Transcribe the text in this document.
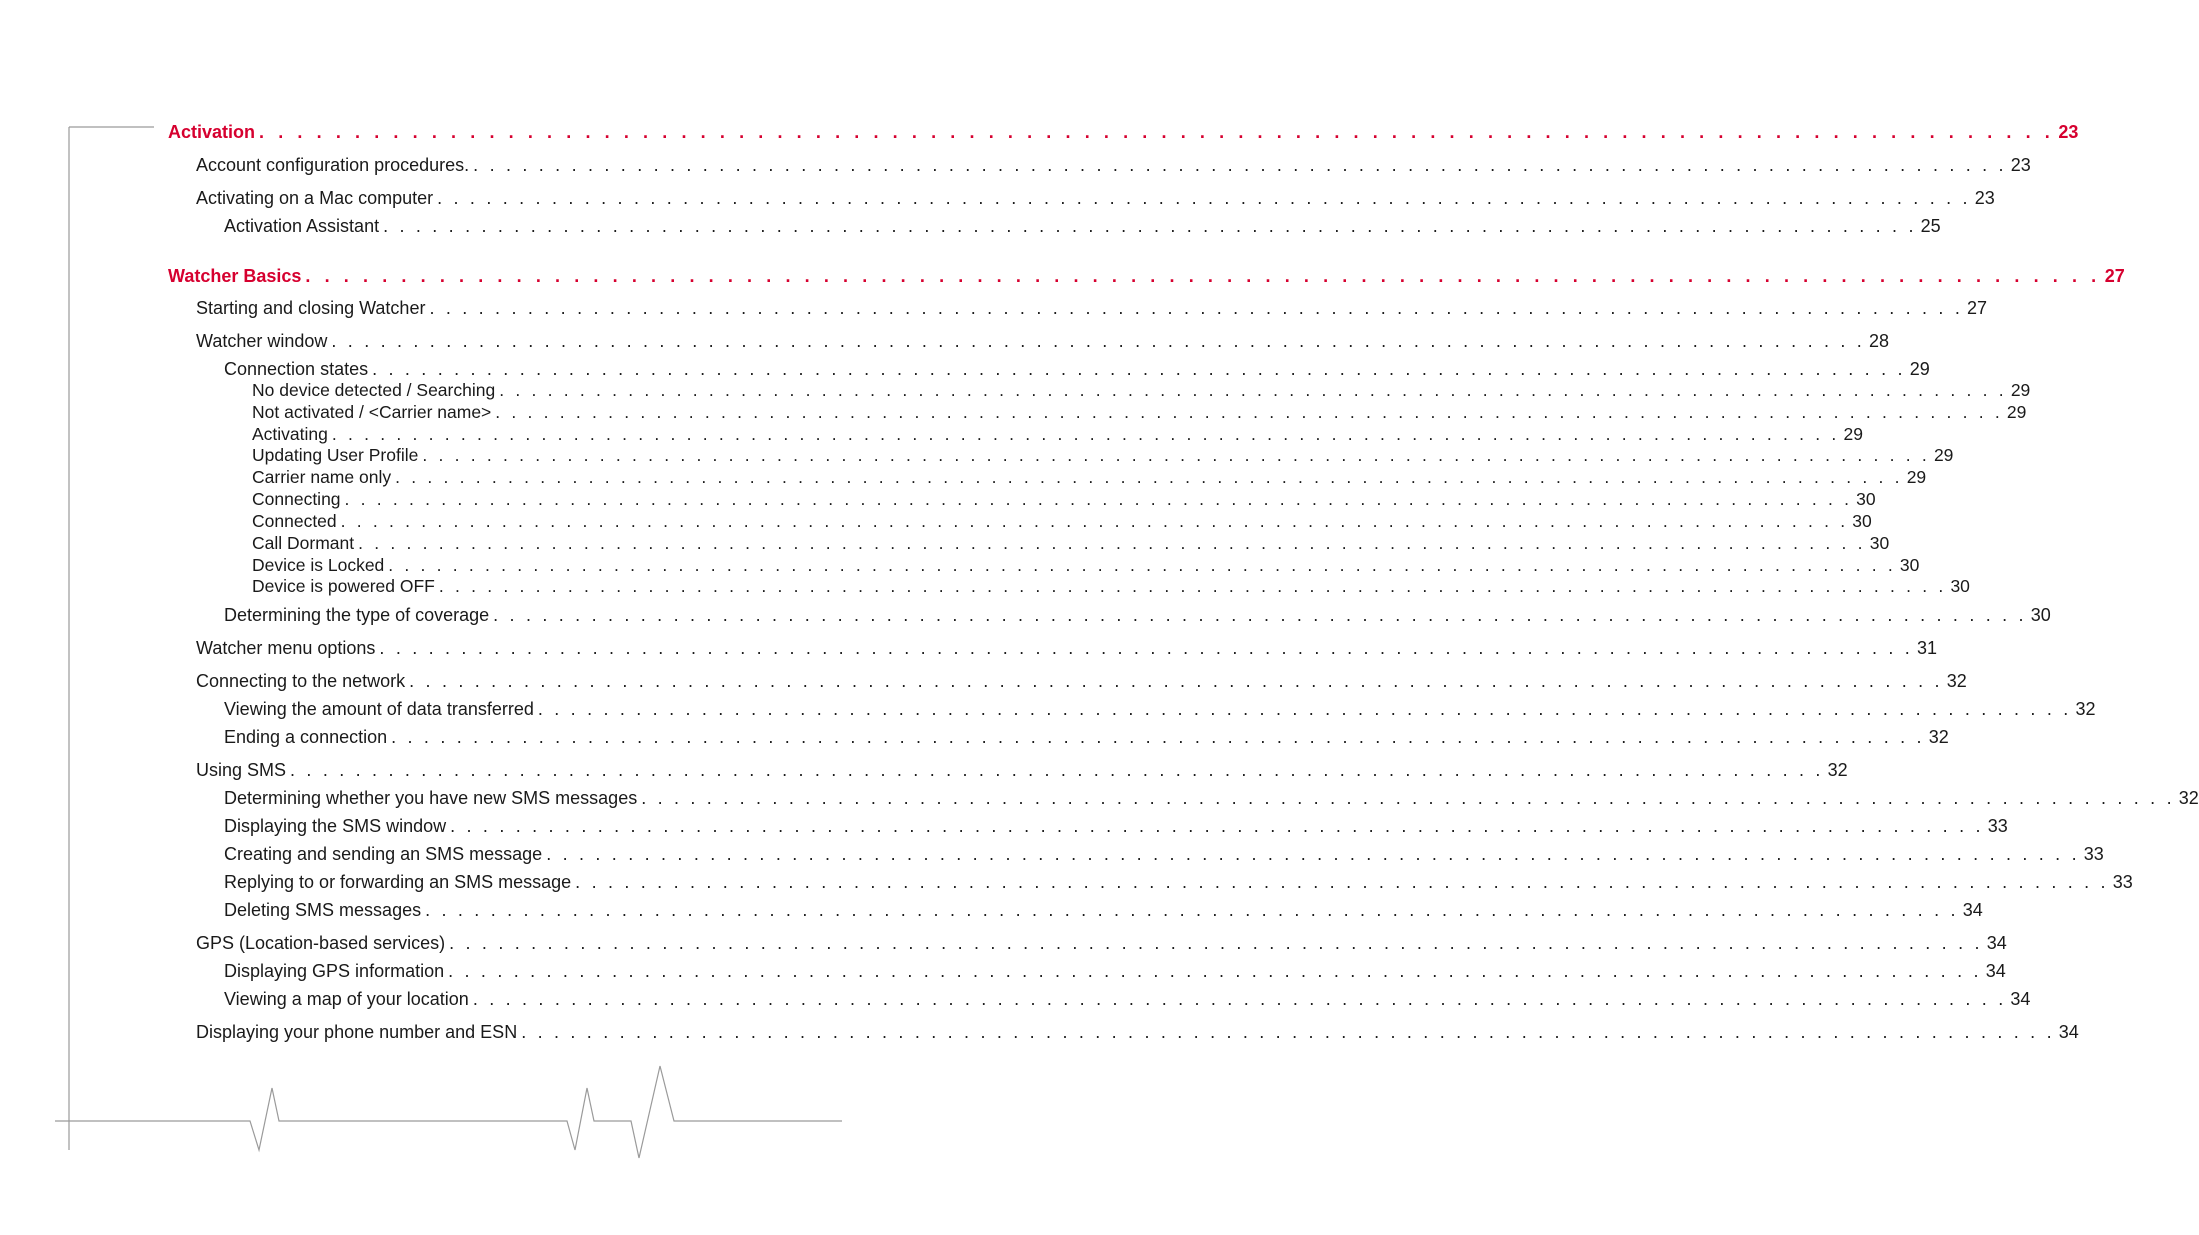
Activation . . . . . . . . . . . . . . . . . . . . . . . . . . . . . . . . . . . . . . . . . . . . . . . . . . . . . . . . . . . . . . . . . . . . . . . . . . . . . . . . . . . . . . . . . . . . . . 23
Account configuration procedures. . . . . . . . . . . . . . . . . . . . . . . . . . . . . . . . . . . . . . . . . . . . . . . . . . . . . . . . . . . . . . . . . . . . . . . . . . . . . . . . . . . . . . . . . . . . . . . 23
Activating on a Mac computer . . . . . . . . . . . . . . . . . . . . . . . . . . . . . . . . . . . . . . . . . . . . . . . . . . . . . . . . . . . . . . . . . . . . . . . . . . . . . . . . . . . . . . . . . . . . . . 23
Activation Assistant . . . . . . . . . . . . . . . . . . . . . . . . . . . . . . . . . . . . . . . . . . . . . . . . . . . . . . . . . . . . . . . . . . . . . . . . . . . . . . . . . . . . . . . . . . . . . . 25
Watcher Basics . . . . . . . . . . . . . . . . . . . . . . . . . . . . . . . . . . . . . . . . . . . . . . . . . . . . . . . . . . . . . . . . . . . . . . . . . . . . . . . . . . . . . . . . . . . . . . 27
Starting and closing Watcher . . . . . . . . . . . . . . . . . . . . . . . . . . . . . . . . . . . . . . . . . . . . . . . . . . . . . . . . . . . . . . . . . . . . . . . . . . . . . . . . . . . . . . . . . . . . . . 27
Watcher window . . . . . . . . . . . . . . . . . . . . . . . . . . . . . . . . . . . . . . . . . . . . . . . . . . . . . . . . . . . . . . . . . . . . . . . . . . . . . . . . . . . . . . . . . . . . . . 28
Connection states . . . . . . . . . . . . . . . . . . . . . . . . . . . . . . . . . . . . . . . . . . . . . . . . . . . . . . . . . . . . . . . . . . . . . . . . . . . . . . . . . . . . . . . . . . . . . . 29
No device detected / Searching . . . . . . . . . . . . . . . . . . . . . . . . . . . . . . . . . . . . . . . . . . . . . . . . . . . . . . . . . . . . . . . . . . . . . . . . . . . . . . . . . . . . . . . . . . . . . . 29
Not activated / <Carrier name> . . . . . . . . . . . . . . . . . . . . . . . . . . . . . . . . . . . . . . . . . . . . . . . . . . . . . . . . . . . . . . . . . . . . . . . . . . . . . . . . . . . . . . . . . . . . . . 29
Activating . . . . . . . . . . . . . . . . . . . . . . . . . . . . . . . . . . . . . . . . . . . . . . . . . . . . . . . . . . . . . . . . . . . . . . . . . . . . . . . . . . . . . . . . . . . . . . 29
Updating User Profile . . . . . . . . . . . . . . . . . . . . . . . . . . . . . . . . . . . . . . . . . . . . . . . . . . . . . . . . . . . . . . . . . . . . . . . . . . . . . . . . . . . . . . . . . . . . . . 29
Carrier name only . . . . . . . . . . . . . . . . . . . . . . . . . . . . . . . . . . . . . . . . . . . . . . . . . . . . . . . . . . . . . . . . . . . . . . . . . . . . . . . . . . . . . . . . . . . . . . 29
Connecting . . . . . . . . . . . . . . . . . . . . . . . . . . . . . . . . . . . . . . . . . . . . . . . . . . . . . . . . . . . . . . . . . . . . . . . . . . . . . . . . . . . . . . . . . . . . . . 30
Connected . . . . . . . . . . . . . . . . . . . . . . . . . . . . . . . . . . . . . . . . . . . . . . . . . . . . . . . . . . . . . . . . . . . . . . . . . . . . . . . . . . . . . . . . . . . . . . 30
Call Dormant . . . . . . . . . . . . . . . . . . . . . . . . . . . . . . . . . . . . . . . . . . . . . . . . . . . . . . . . . . . . . . . . . . . . . . . . . . . . . . . . . . . . . . . . . . . . . . 30
Device is Locked . . . . . . . . . . . . . . . . . . . . . . . . . . . . . . . . . . . . . . . . . . . . . . . . . . . . . . . . . . . . . . . . . . . . . . . . . . . . . . . . . . . . . . . . . . . . . . 30
Device is powered OFF . . . . . . . . . . . . . . . . . . . . . . . . . . . . . . . . . . . . . . . . . . . . . . . . . . . . . . . . . . . . . . . . . . . . . . . . . . . . . . . . . . . . . . . . . . . . . . 30
Determining the type of coverage . . . . . . . . . . . . . . . . . . . . . . . . . . . . . . . . . . . . . . . . . . . . . . . . . . . . . . . . . . . . . . . . . . . . . . . . . . . . . . . . . . . . . . . . . . . . . . 30
Watcher menu options . . . . . . . . . . . . . . . . . . . . . . . . . . . . . . . . . . . . . . . . . . . . . . . . . . . . . . . . . . . . . . . . . . . . . . . . . . . . . . . . . . . . . . . . . . . . . . 31
Connecting to the network . . . . . . . . . . . . . . . . . . . . . . . . . . . . . . . . . . . . . . . . . . . . . . . . . . . . . . . . . . . . . . . . . . . . . . . . . . . . . . . . . . . . . . . . . . . . . . 32
Viewing the amount of data transferred . . . . . . . . . . . . . . . . . . . . . . . . . . . . . . . . . . . . . . . . . . . . . . . . . . . . . . . . . . . . . . . . . . . . . . . . . . . . . . . . . . . . . . . . . . . . . . 32
Ending a connection . . . . . . . . . . . . . . . . . . . . . . . . . . . . . . . . . . . . . . . . . . . . . . . . . . . . . . . . . . . . . . . . . . . . . . . . . . . . . . . . . . . . . . . . . . . . . . 32
Using SMS . . . . . . . . . . . . . . . . . . . . . . . . . . . . . . . . . . . . . . . . . . . . . . . . . . . . . . . . . . . . . . . . . . . . . . . . . . . . . . . . . . . . . . . . . . . . . . 32
Determining whether you have new SMS messages . . . . . . . . . . . . . . . . . . . . . . . . . . . . . . . . . . . . . . . . . . . . . . . . . . . . . . . . . . . . . . . . . . . . . . . . . . . . . . . . . . . . . . . . . . . . . . 32
Displaying the SMS window . . . . . . . . . . . . . . . . . . . . . . . . . . . . . . . . . . . . . . . . . . . . . . . . . . . . . . . . . . . . . . . . . . . . . . . . . . . . . . . . . . . . . . . . . . . . . . 33
Creating and sending an SMS message . . . . . . . . . . . . . . . . . . . . . . . . . . . . . . . . . . . . . . . . . . . . . . . . . . . . . . . . . . . . . . . . . . . . . . . . . . . . . . . . . . . . . . . . . . . . . . 33
Replying to or forwarding an SMS message . . . . . . . . . . . . . . . . . . . . . . . . . . . . . . . . . . . . . . . . . . . . . . . . . . . . . . . . . . . . . . . . . . . . . . . . . . . . . . . . . . . . . . . . . . . . . . 33
Deleting SMS messages . . . . . . . . . . . . . . . . . . . . . . . . . . . . . . . . . . . . . . . . . . . . . . . . . . . . . . . . . . . . . . . . . . . . . . . . . . . . . . . . . . . . . . . . . . . . . . 34
GPS (Location-based services) . . . . . . . . . . . . . . . . . . . . . . . . . . . . . . . . . . . . . . . . . . . . . . . . . . . . . . . . . . . . . . . . . . . . . . . . . . . . . . . . . . . . . . . . . . . . . . 34
Displaying GPS information . . . . . . . . . . . . . . . . . . . . . . . . . . . . . . . . . . . . . . . . . . . . . . . . . . . . . . . . . . . . . . . . . . . . . . . . . . . . . . . . . . . . . . . . . . . . . . 34
Viewing a map of your location . . . . . . . . . . . . . . . . . . . . . . . . . . . . . . . . . . . . . . . . . . . . . . . . . . . . . . . . . . . . . . . . . . . . . . . . . . . . . . . . . . . . . . . . . . . . . . 34
Displaying your phone number and ESN . . . . . . . . . . . . . . . . . . . . . . . . . . . . . . . . . . . . . . . . . . . . . . . . . . . . . . . . . . . . . . . . . . . . . . . . . . . . . . . . . . . . . . . . . . . . . . 34
